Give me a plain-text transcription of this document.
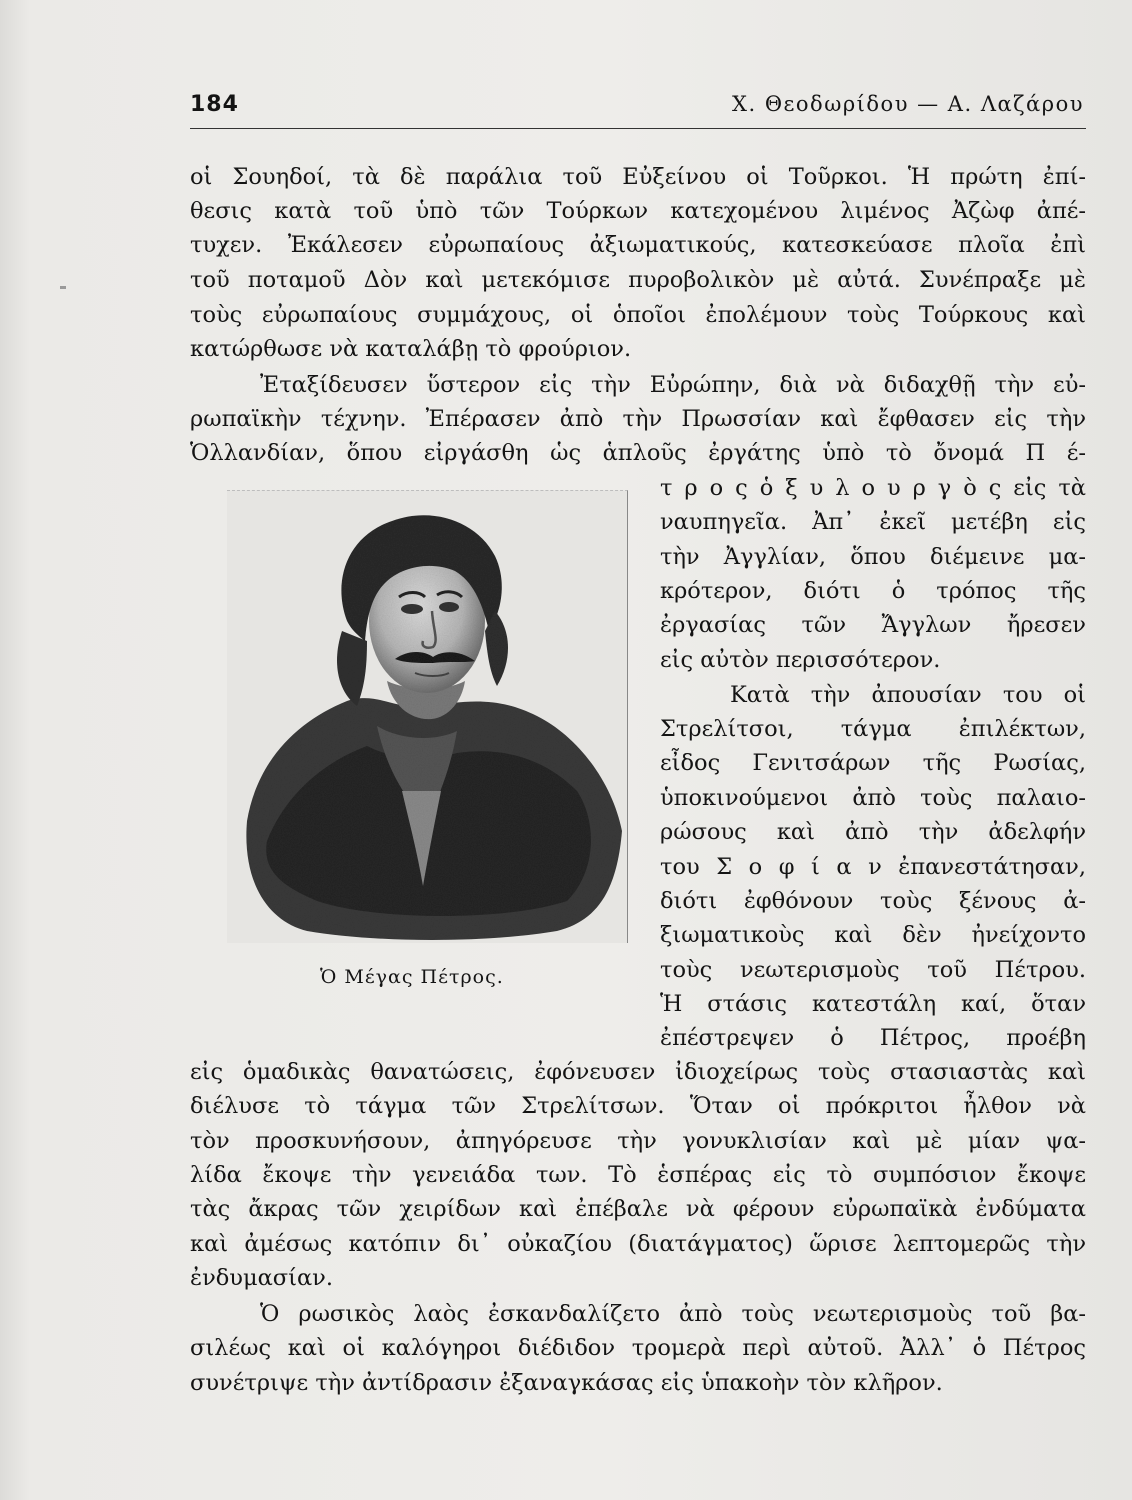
184	Χ. Θεοδωρίδου — Α. Λαζάρου
οἱ Σουηδοί, τὰ δὲ παράλια τοῦ Εὐξείνου οἱ Τοῦρκοι. Ἡ πρώτη ἐπί-
θεσις κατὰ τοῦ ὑπὸ τῶν Τούρκων κατεχομένου λιμένος Ἀζὼφ ἀπέ-
τυχεν. Ἐκάλεσεν εὐρωπαίους ἀξιωματικούς, κατεσκεύασε πλοῖα ἐπὶ
τοῦ ποταμοῦ Δὸν καὶ μετεκόμισε πυροβολικὸν μὲ αὐτά. Συνέπραξε μὲ
τοὺς εὐρωπαίους συμμάχους, οἱ ὁποῖοι ἐπολέμουν τοὺς Τούρκους καὶ
κατώρθωσε νὰ καταλάβῃ τὸ φρούριον.
Ἐταξίδευσεν ὕστερον εἰς τὴν Εὐρώπην, διὰ νὰ διδαχθῇ τὴν εὐ-
ρωπαϊκὴν τέχνην. Ἐπέρασεν ἀπὸ τὴν Πρωσσίαν καὶ ἔφθασεν εἰς τὴν
Ὁλλανδίαν, ὅπου εἰργάσθη ὡς ἁπλοῦς ἐργάτης ὑπὸ τὸ ὄνομά Π έ-
τ ρ ο ς ὁ ξ υ λ ο υ ρ γ ὸ ς εἰς τὰ
ναυπηγεῖα. Ἀπ᾽ ἐκεῖ μετέβη εἰς
τὴν Ἀγγλίαν, ὅπου διέμεινε μα-
κρότερον, διότι ὁ τρόπος τῆς
ἐργασίας τῶν Ἄγγλων ἤρεσεν
εἰς αὐτὸν περισσότερον.
Κατὰ τὴν ἀπουσίαν του οἱ
Στρελίτσοι, τάγμα ἐπιλέκτων,
εἶδος Γενιτσάρων τῆς Ρωσίας,
ὑποκινούμενοι ἀπὸ τοὺς παλαιο-
ρώσους καὶ ἀπὸ τὴν ἀδελφήν
του Σ ο φ ί α ν ἐπανεστάτησαν,
διότι ἐφθόνουν τοὺς ξένους ἀ-
ξιωματικοὺς καὶ δὲν ἠνείχοντο
τοὺς νεωτερισμοὺς τοῦ Πέτρου.
Ἡ στάσις κατεστάλη καί, ὅταν
ἐπέστρεψεν ὁ Πέτρος, προέβη
εἰς ὁμαδικὰς θανατώσεις, ἐφόνευσεν ἰδιοχείρως τοὺς στασιαστὰς καὶ
διέλυσε τὸ τάγμα τῶν Στρελίτσων. Ὅταν οἱ πρόκριτοι ἦλθον νὰ
τὸν προσκυνήσουν, ἀπηγόρευσε τὴν γονυκλισίαν καὶ μὲ μίαν ψα-
λίδα ἔκοψε τὴν γενειάδα των. Τὸ ἑσπέρας εἰς τὸ συμπόσιον ἔκοψε
τὰς ἄκρας τῶν χειρίδων καὶ ἐπέβαλε νὰ φέρουν εὐρωπαϊκὰ ἐνδύματα
καὶ ἀμέσως κατόπιν δι᾽ οὐκαζίου (διατάγματος) ὥρισε λεπτομερῶς τὴν
ἐνδυμασίαν.
Ὁ ρωσικὸς λαὸς ἐσκανδαλίζετο ἀπὸ τοὺς νεωτερισμοὺς τοῦ βα-
σιλέως καὶ οἱ καλόγηροι διέδιδον τρομερὰ περὶ αὐτοῦ. Ἀλλ᾽ ὁ Πέτρος
συνέτριψε τὴν ἀντίδρασιν ἐξαναγκάσας εἰς ὑπακοὴν τὸν κλῆρον.
Ὁ Μέγας Πέτρος.
